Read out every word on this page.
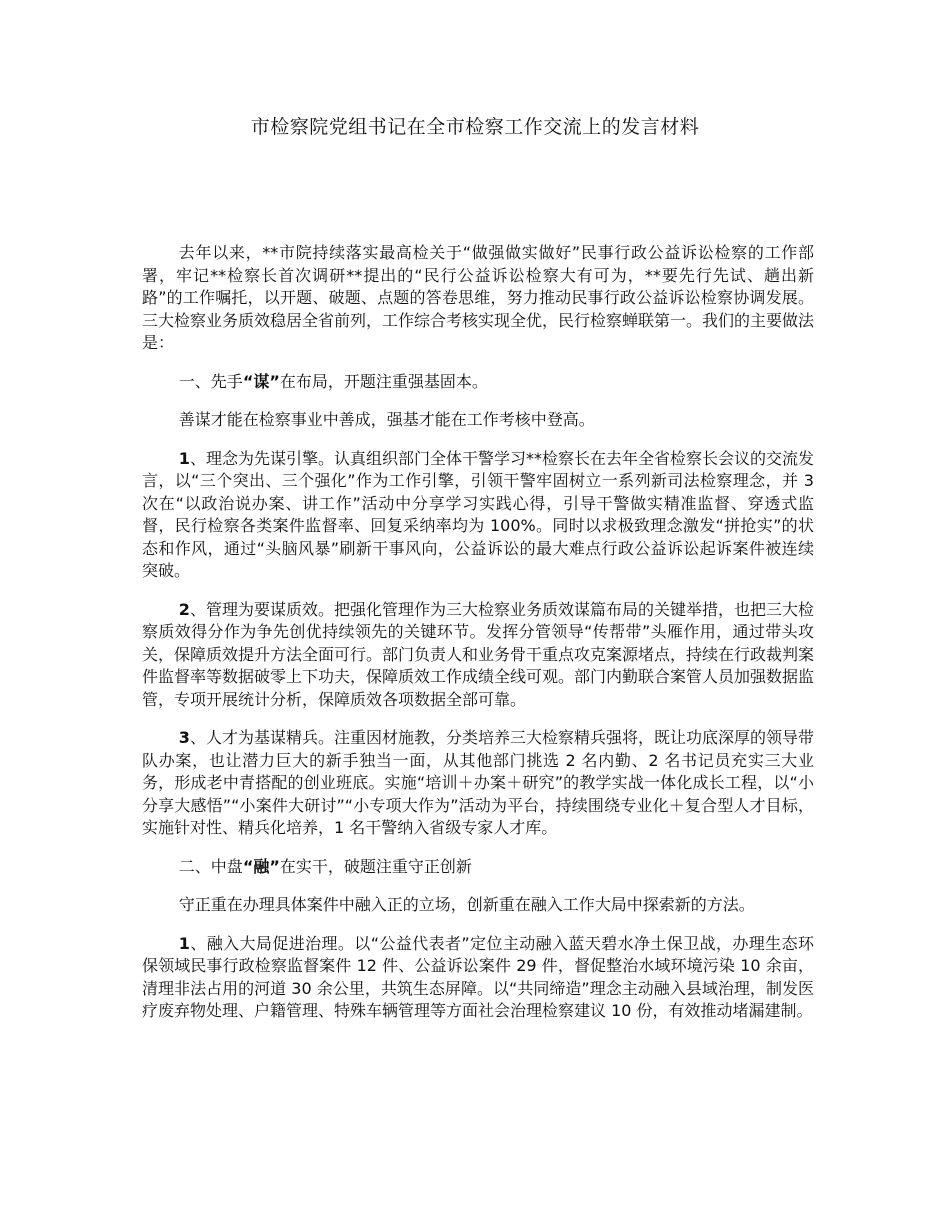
市检察院党组书记在全市检察工作交流上的发言材料

去年以来，**市院持续落实最高检关于“做强做实做好”民事行政公益诉讼检察的工作部署，牢记**检察长首次调研**提出的“民行公益诉讼检察大有可为，**要先行先试、趟出新路”的工作嘱托，以开题、破题、点题的答卷思维，努力推动民事行政公益诉讼检察协调发展。三大检察业务质效稳居全省前列，工作综合考核实现全优，民行检察蝉联第一。我们的主要做法是：

一、先手“谋”在布局，开题注重强基固本。

善谋才能在检察事业中善成，强基才能在工作考核中登高。

1、理念为先谋引擎。认真组织部门全体干警学习**检察长在去年全省检察长会议的交流发言，以“三个突出、三个强化”作为工作引擎，引领干警牢固树立一系列新司法检察理念，并 3 次在“以政治说办案、讲工作”活动中分享学习实践心得，引导干警做实精准监督、穿透式监督，民行检察各类案件监督率、回复采纳率均为 100%。同时以求极致理念激发“拼抢实”的状态和作风，通过“头脑风暴”刷新干事风向，公益诉讼的最大难点行政公益诉讼起诉案件被连续突破。

2、管理为要谋质效。把强化管理作为三大检察业务质效谋篇布局的关键举措，也把三大检察质效得分作为争先创优持续领先的关键环节。发挥分管领导“传帮带”头雁作用，通过带头攻关，保障质效提升方法全面可行。部门负责人和业务骨干重点攻克案源堵点，持续在行政裁判案件监督率等数据破零上下功夫，保障质效工作成绩全线可观。部门内勤联合案管人员加强数据监管，专项开展统计分析，保障质效各项数据全部可靠。

3、人才为基谋精兵。注重因材施教，分类培养三大检察精兵强将，既让功底深厚的领导带队办案，也让潜力巨大的新手独当一面，从其他部门挑选 2 名内勤、2 名书记员充实三大业务，形成老中青搭配的创业班底。实施“培训＋办案＋研究”的教学实战一体化成长工程，以“小分享大感悟”“小案件大研讨”“小专项大作为”活动为平台，持续围绕专业化＋复合型人才目标，实施针对性、精兵化培养，1 名干警纳入省级专家人才库。

二、中盘“融”在实干，破题注重守正创新

守正重在办理具体案件中融入正的立场，创新重在融入工作大局中探索新的方法。

1、融入大局促进治理。以“公益代表者”定位主动融入蓝天碧水净土保卫战，办理生态环保领域民事行政检察监督案件 12 件、公益诉讼案件 29 件，督促整治水域环境污染 10 余亩，清理非法占用的河道 30 余公里，共筑生态屏障。以“共同缔造”理念主动融入县域治理，制发医疗废弃物处理、户籍管理、特殊车辆管理等方面社会治理检察建议 10 份，有效推动堵漏建制。
